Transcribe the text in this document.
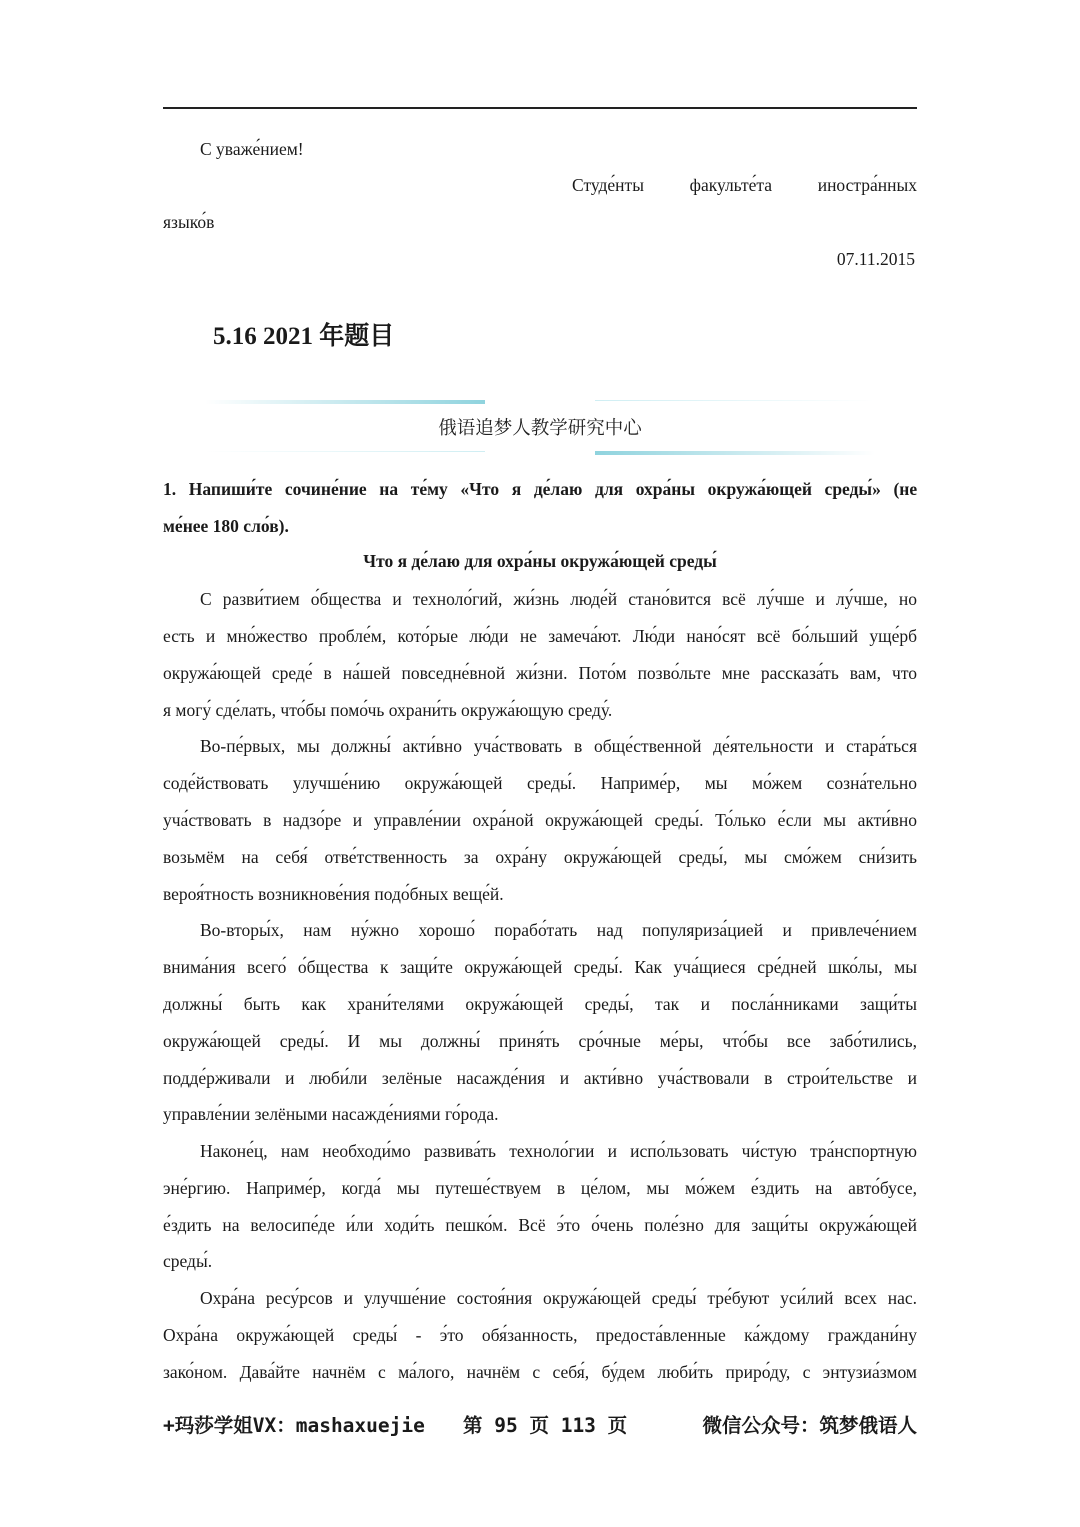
С уваже́нием!
Студе́нты	факульте́та	иностра́нных
языко́в
07.11.2015
5.16 2021 年题目
俄语追梦人教学研究中心
1. Напиши́те сочине́ние на те́му «Что я де́лаю для охра́ны окружа́ющей среды́» (не
ме́нее 180 сло́в).
Что я де́лаю для охра́ны окружа́ющей среды́
С разви́тием о́бщества и техноло́гий, жи́знь люде́й стано́вится всё лу́чше и лу́чше, но
есть и мно́жество пробле́м, кото́рые лю́ди не замеча́ют. Лю́ди нано́сят всё бо́льший уще́рб
окружа́ющей среде́ в на́шей повседне́вной жи́зни. Пото́м позво́льте мне рассказа́ть вам, что
я могу́ сде́лать, что́бы помо́чь охрани́ть окружа́ющую среду́.
Во-пе́рвых, мы должны́ акти́вно уча́ствовать в обще́ственной де́ятельности и стара́ться
соде́йствовать улучше́нию окружа́ющей среды́. Наприме́р, мы мо́жем созна́тельно
уча́ствовать в надзо́ре и управле́нии охра́ной окружа́ющей среды́. То́лько е́сли мы акти́вно
возьмём на себя́ отве́тственность за охра́ну окружа́ющей среды́, мы смо́жем сни́зить
вероя́тность возникнове́ния подо́бных веще́й.
Во-вторы́х, нам ну́жно хорошо́ порабо́тать над популяриза́цией и привлече́нием
внима́ния всего́ о́бщества к защи́те окружа́ющей среды́. Как уча́щиеся сре́дней шко́лы, мы
должны́ быть как храни́телями окружа́ющей среды́, так и посла́нниками защи́ты
окружа́ющей среды́. И мы должны́ приня́ть сро́чные ме́ры, что́бы все забо́тились,
подде́рживали и люби́ли зелёные насажде́ния и акти́вно уча́ствовали в строи́тельстве и
управле́нии зелёными насажде́ниями го́рода.
Наконе́ц, нам необходи́мо развива́ть техноло́гии и испо́льзовать чи́стую тра́нспортную
эне́ргию. Наприме́р, когда́ мы путеше́ствуем в це́лом, мы мо́жем е́здить на авто́бусе,
е́здить на велосипе́де и́ли ходи́ть пешко́м. Всё э́то о́чень поле́зно для защи́ты окружа́ющей
среды́.
Охра́на ресу́рсов и улучше́ние состоя́ния окружа́ющей среды́ тре́буют уси́лий всех нас.
Охра́на окружа́ющей среды́ - э́то обя́занность, предоста́вленные ка́ждому граждани́ну
зако́ном. Дава́йте начнём с ма́лого, начнём с себя́, бу́дем люби́ть приро́ду, с энтузиа́змом
+玛莎学姐VX：mashaxuejie 第 95 页 113 页	微信公众号：筑梦俄语人
